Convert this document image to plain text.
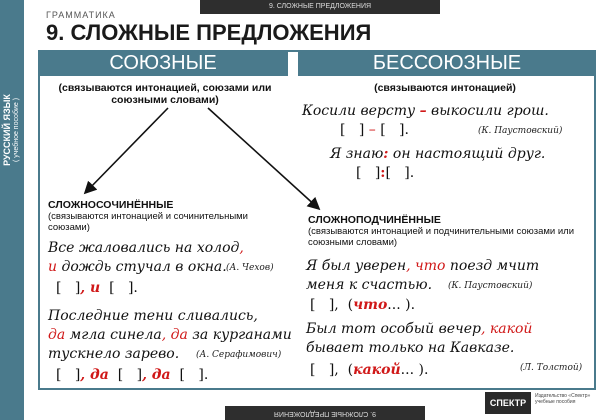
РУССКИЙ ЯЗЫК ( учебное пособие )
9. СЛОЖНЫЕ ПРЕДЛОЖЕНИЯ
ГРАММАТИКА
9. СЛОЖНЫЕ ПРЕДЛОЖЕНИЯ
СОЮЗНЫЕ	БЕССОЮЗНЫЕ
(связываются интонацией, союзами или союзными словами)
(связываются интонацией)
Косили версту – выкосили грош.
[ ] – [ ].	(К. Паустовский)
Я знаю: он настоящий друг.
[ ]:[ ].
СЛОЖНОСОЧИНЁННЫЕ
(связываются интонацией и сочинительными союзами)
Все жаловались на холод,
и дождь стучал в окна. (А. Чехов)
[ ], и [ ].
Последние тени сливались,
да мгла синела, да за курганами
тускнело зарево. (А. Серафимович)
[ ], да [ ], да [ ].
СЛОЖНОПОДЧИНЁННЫЕ
(связываются интонацией и подчинительными союзами или союзными словами)
Я был уверен, что поезд мчит
меня к счастью. (К. Паустовский)
[ ], (что... ).
Был тот особый вечер, какой
бывает только на Кавказе.
(Л. Толстой)
[ ], (какой... ).
СПЕКТР
Издательство «Спектр» учебные пособия
9. СЛОЖНЫЕ ПРЕДЛОЖЕНИЯ
